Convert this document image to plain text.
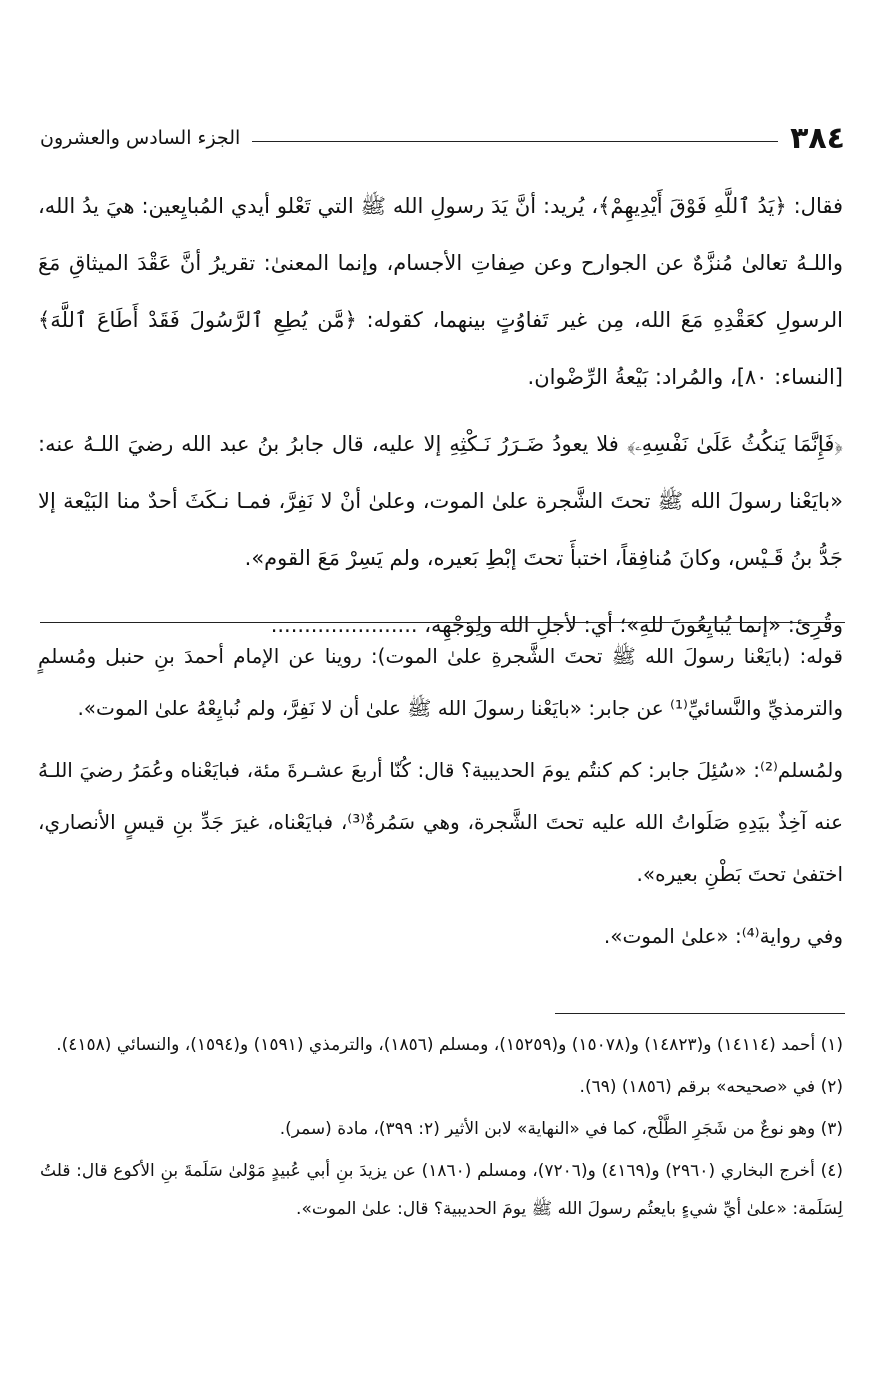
٣٨٤
الجزء السادس والعشرون

فقال: ﴿يَدُ ٱللَّهِ فَوْقَ أَيْدِيهِمْ﴾، يُريد: أنَّ يَدَ رسولِ الله ﷺ التي تَعْلو أيدي المُبايِعين: هيَ يدُ الله، واللـهُ تعالىٰ مُنزَّهٌ عن الجوارح وعن صِفاتِ الأجسام، وإنما المعنىٰ: تقريرُ أنَّ عَقْدَ الميثاقِ مَعَ الرسولِ كعَقْدِهِ مَعَ الله، مِن غير تَفاوُتٍ بينهما، كقوله: ﴿مَّن يُطِعِ ٱلرَّسُولَ فَقَدْ أَطَاعَ ٱللَّهَ﴾ [النساء: ٨٠]، والمُراد: بَيْعةُ الرِّضْوان.

﴿فَإِنَّمَا يَنكُثُ عَلَىٰ نَفْسِهِۦ﴾ فلا يعودُ ضَـرَرُ نَـكْثِهِ إلا عليه، قال جابرُ بنُ عبد الله رضيَ اللـهُ عنه: «بايَعْنا رسولَ الله ﷺ تحتَ الشَّجرة علىٰ الموت، وعلىٰ أنْ لا نَفِرَّ، فمـا نـكَثَ أحدٌ منا البَيْعة إلا جَدُّ بنُ قَـيْس، وكانَ مُنافِقاً، اختبأَ تحتَ إبْطِ بَعيره، ولم يَسِرْ مَعَ القوم».

وقُرِئ: «إنما يُبايِعُونَ للهِ»؛ أي: لأجلِ الله ولِوَجْهِه، ......................

قوله: (بايَعْنا رسولَ الله ﷺ تحتَ الشَّجرةِ علىٰ الموت): روينا عن الإمام أحمدَ بنِ حنبل ومُسلمٍ والترمذيِّ والنَّسائيِّ⁽¹⁾ عن جابر: «بايَعْنا رسولَ الله ﷺ علىٰ أن لا نَفِرَّ، ولم نُبايِعْهُ علىٰ الموت».

ولمُسلم⁽²⁾: «سُئِلَ جابر: كم كنتُم يومَ الحديبية؟ قال: كُنّا أربعَ عشـرةَ مئة، فبايَعْناه وعُمَرُ رضيَ اللـهُ عنه آخِذٌ بيَدِهِ صَلَواتُ الله عليه تحتَ الشَّجرة، وهي سَمُرةٌ⁽³⁾، فبايَعْناه، غيرَ جَدِّ بنِ قيسٍ الأنصاري، اختفىٰ تحتَ بَطْنِ بعيره».

وفي رواية⁽⁴⁾: «علىٰ الموت».

(١) أحمد (١٤١١٤) و(١٤٨٢٣) و(١٥٠٧٨) و(١٥٢٥٩)، ومسلم (١٨٥٦)، والترمذي (١٥٩١) و(١٥٩٤)، والنسائي (٤١٥٨).

(٢) في «صحيحه» برقم (١٨٥٦) (٦٩).

(٣) وهو نوعٌ من شَجَرِ الطَّلْح، كما في «النهاية» لابن الأثير (٢: ٣٩٩)، مادة (سمر).

(٤) أخرج البخاري (٢٩٦٠) و(٤١٦٩) و(٧٢٠٦)، ومسلم (١٨٦٠) عن يزيدَ بنِ أبي عُبيدٍ مَوْلىٰ سَلَمةَ بنِ الأكوع قال: قلتُ لِسَلَمة: «علىٰ أيِّ شيءٍ بايعتُم رسولَ الله ﷺ يومَ الحديبية؟ قال: علىٰ الموت».
